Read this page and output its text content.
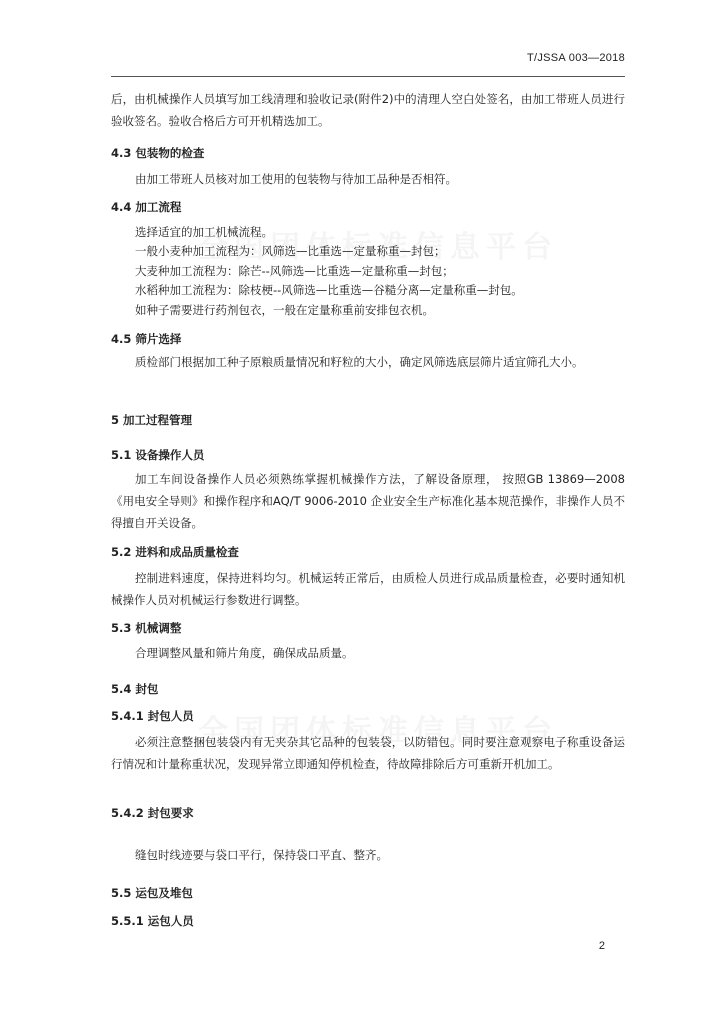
T/JSSA 003—2018
后，由机械操作人员填写加工线清理和验收记录(附件2)中的清理人空白处签名，由加工带班人员进行验收签名。验收合格后方可开机精选加工。
4.3 包装物的检查
由加工带班人员核对加工使用的包装物与待加工品种是否相符。
4.4 加工流程
选择适宜的加工机械流程。
一般小麦种加工流程为：风筛选—比重选—定量称重—封包；
大麦种加工流程为：除芒--风筛选—比重选—定量称重—封包；
水稻种加工流程为：除枝梗--风筛选—比重选—谷糙分离—定量称重—封包。
如种子需要进行药剂包衣，一般在定量称重前安排包衣机。
4.5 筛片选择
质检部门根据加工种子原粮质量情况和籽粒的大小，确定风筛选底层筛片适宜筛孔大小。
5 加工过程管理
5.1 设备操作人员
加工车间设备操作人员必须熟练掌握机械操作方法，了解设备原理， 按照GB 13869—2008 《用电安全导则》和操作程序和AQ/T 9006-2010 企业安全生产标准化基本规范操作，非操作人员不得擅自开关设备。
5.2 进料和成品质量检查
控制进料速度，保持进料均匀。机械运转正常后，由质检人员进行成品质量检查，必要时通知机械操作人员对机械运行参数进行调整。
5.3 机械调整
合理调整风量和筛片角度，确保成品质量。
5.4 封包
5.4.1 封包人员
必须注意整捆包装袋内有无夹杂其它品种的包装袋，以防错包。同时要注意观察电子称重设备运行情况和计量称重状况，发现异常立即通知停机检查，待故障排除后方可重新开机加工。
5.4.2 封包要求
缝包时线迹要与袋口平行，保持袋口平直、整齐。
5.5 运包及堆包
5.5.1 运包人员
2
